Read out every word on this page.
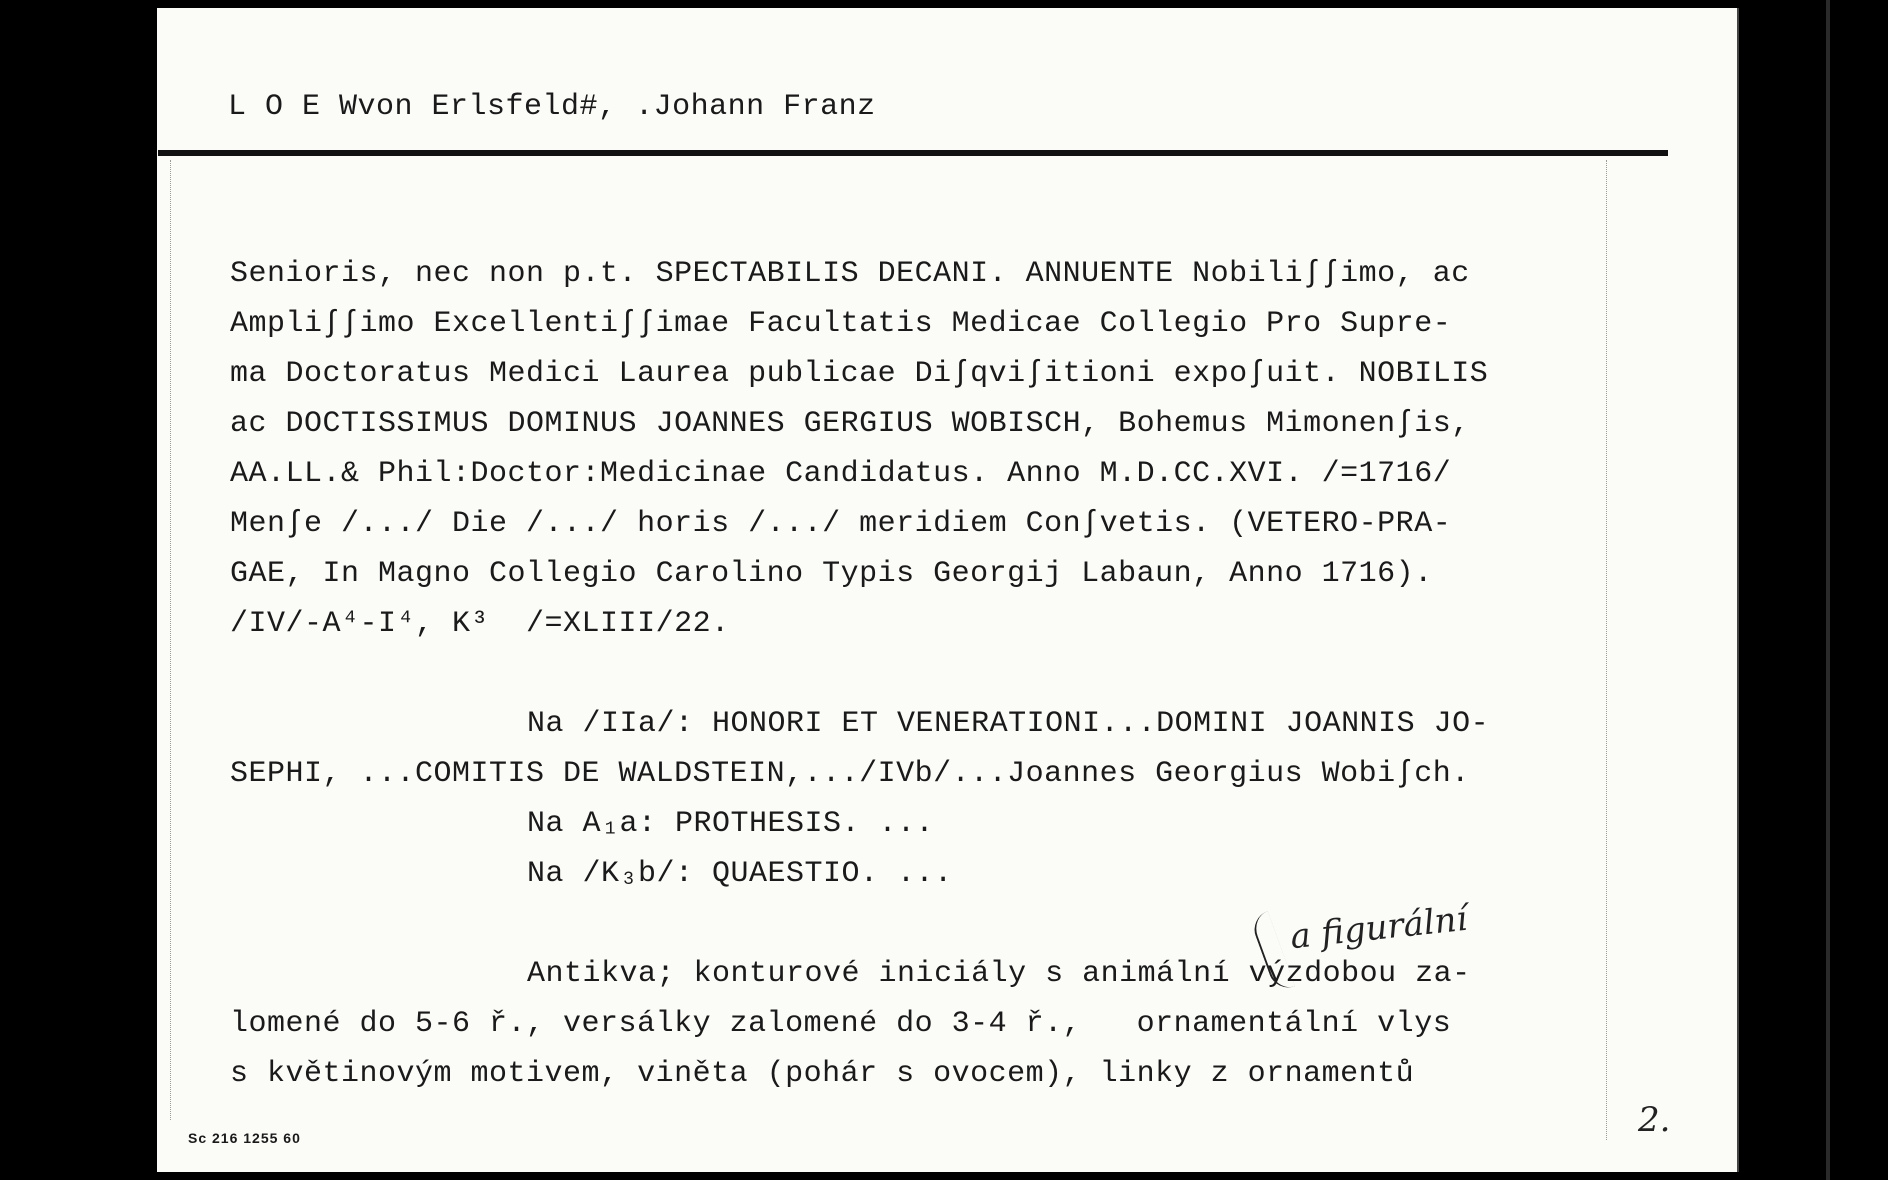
L O E Wvon Erlsfeld#, .Johann Franz
Senioris, nec non p.t. SPECTABILIS DECANI. ANNUENTE Nobili∫∫imo, ac
Ampli∫∫imo Excellenti∫∫imae Facultatis Medicae Collegio Pro Supre-
ma Doctoratus Medici Laurea publicae Di∫qvi∫itioni expo∫uit. NOBILIS
ac DOCTISSIMUS DOMINUS JOANNES GERGIUS WOBISCH, Bohemus Mimonen∫is,
AA.LL.& Phil:Doctor:Medicinae Candidatus. Anno M.D.CC.XVI. /=1716/
Men∫e /.../ Die /.../ horis /.../ meridiem Con∫vetis. (VETERO-PRA-
GAE, In Magno Collegio Carolino Typis Georgij Labaun, Anno 1716).
/IV/-A⁴-I⁴, K³  /=XLIII/22.
Na /IIa/: HONORI ET VENERATIONI...DOMINI JOANNIS JO-
SEPHI, ...COMITIS DE WALDSTEIN,.../IVb/...Joannes Georgius Wobi∫ch.
Na A₁a: PROTHESIS. ...
Na /K₃b/: QUAESTIO. ...
Antikva; konturové iniciály s animální výzdobou za-
lomené do 5-6 ř., versálky zalomené do 3-4 ř.,   ornamentální vlys
s květinovým motivem, viněta (pohár s ovocem), linky z ornamentů
a figurální
2.
Sc 216 1255 60
